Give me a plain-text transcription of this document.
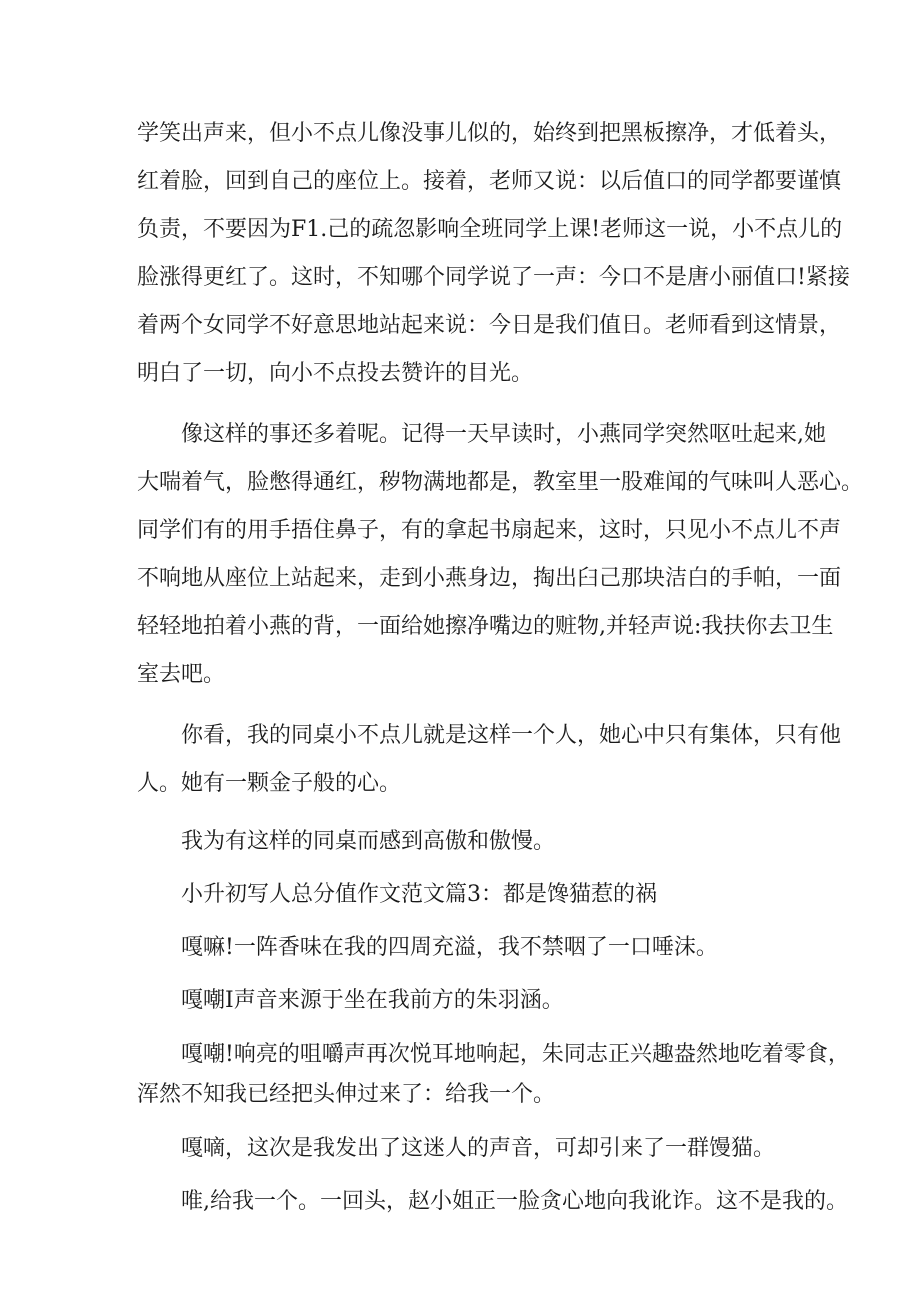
学笑出声来，但小不点儿像没事儿似的，始终到把黑板擦净，才低着头，
红着脸，回到自己的座位上。接着，老师又说：以后值口的同学都要谨慎
负责，不要因为F1.己的疏忽影响全班同学上课!老师这一说，小不点儿的
脸涨得更红了。这时，不知哪个同学说了一声：今口不是唐小丽值口!紧接
着两个女同学不好意思地站起来说：今日是我们值日。老师看到这情景，
明白了一切，向小不点投去赞许的目光。

像这样的事还多着呢。记得一天早读时，小燕同学突然呕吐起来,她
大喘着气，脸憋得通红，秽物满地都是，教室里一股难闻的气味叫人恶心。
同学们有的用手捂住鼻子，有的拿起书扇起来，这时，只见小不点儿不声
不响地从座位上站起来，走到小燕身边，掏出臼己那块洁白的手帕，一面
轻轻地拍着小燕的背，一面给她擦净嘴边的赃物,并轻声说:我扶你去卫生
室去吧。

你看，我的同桌小不点儿就是这样一个人，她心中只有集体，只有他
人。她有一颗金子般的心。

我为有这样的同桌而感到高傲和傲慢。

小升初写人总分值作文范文篇3：都是馋猫惹的祸

嘎嘛!一阵香味在我的四周充溢，我不禁咽了一口唾沫。

嘎嘲I声音来源于坐在我前方的朱羽涵。

嘎嘲!响亮的咀嚼声再次悦耳地响起，朱同志正兴趣盎然地吃着零食，
浑然不知我已经把头伸过来了：给我一个。

嘎嘀，这次是我发出了这迷人的声音，可却引来了一群馒猫。

唯,给我一个。一回头，赵小姐正一脸贪心地向我讹诈。这不是我的。
